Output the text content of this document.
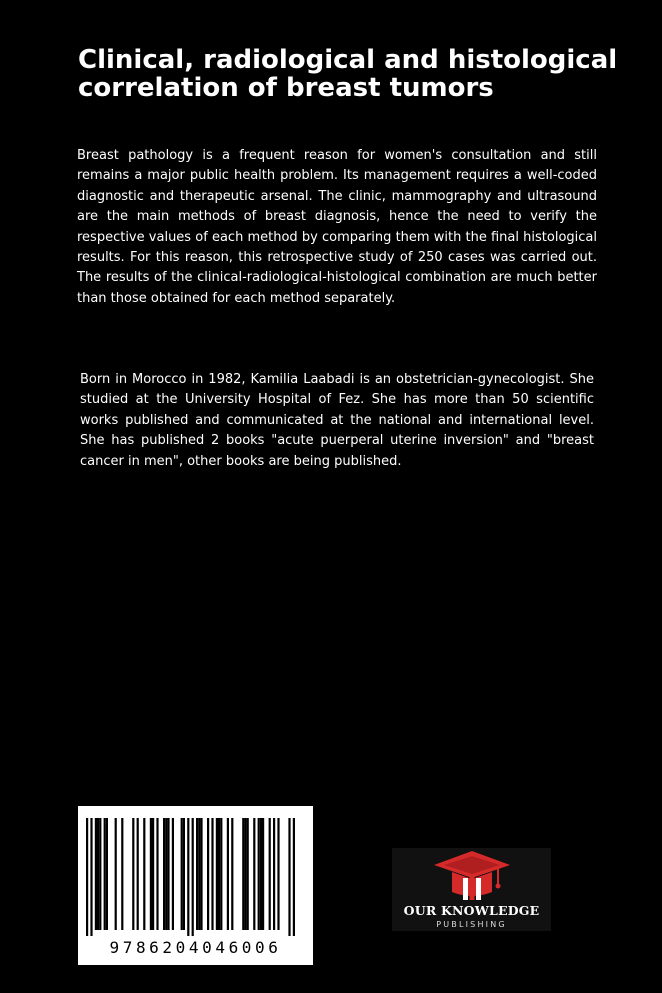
Clinical, radiological and histological correlation of breast tumors

Breast pathology is a frequent reason for women's consultation and still remains a major public health problem. Its management requires a well-coded diagnostic and therapeutic arsenal. The clinic, mammography and ultrasound are the main methods of breast diagnosis, hence the need to verify the respective values of each method by comparing them with the final histological results. For this reason, this retrospective study of 250 cases was carried out. The results of the clinical-radiological-histological combination are much better than those obtained for each method separately.

Born in Morocco in 1982, Kamilia Laabadi is an obstetrician-gynecologist. She studied at the University Hospital of Fez. She has more than 50 scientific works published and communicated at the national and international level. She has published 2 books "acute puerperal uterine inversion" and "breast cancer in men", other books are being published.

9786204046006
OUR KNOWLEDGE
PUBLISHING
